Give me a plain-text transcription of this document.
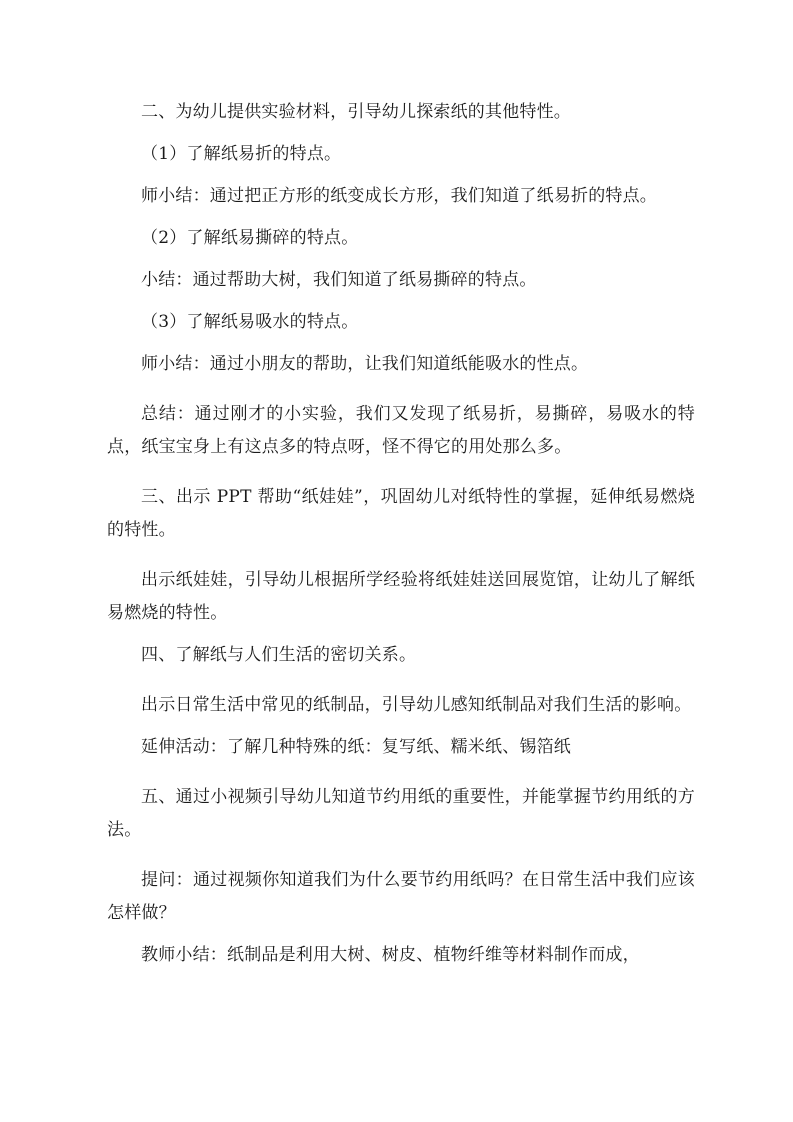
二、为幼儿提供实验材料，引导幼儿探索纸的其他特性。

（1）了解纸易折的特点。

师小结：通过把正方形的纸变成长方形，我们知道了纸易折的特点。

（2）了解纸易撕碎的特点。

小结：通过帮助大树，我们知道了纸易撕碎的特点。

（3）了解纸易吸水的特点。

师小结：通过小朋友的帮助，让我们知道纸能吸水的性点。

总结：通过刚才的小实验，我们又发现了纸易折，易撕碎，易吸水的特点，纸宝宝身上有这点多的特点呀，怪不得它的用处那么多。

三、出示 PPT 帮助“纸娃娃”，巩固幼儿对纸特性的掌握，延伸纸易燃烧的特性。

出示纸娃娃，引导幼儿根据所学经验将纸娃娃送回展览馆，让幼儿了解纸易燃烧的特性。

四、了解纸与人们生活的密切关系。

出示日常生活中常见的纸制品，引导幼儿感知纸制品对我们生活的影响。

延伸活动：了解几种特殊的纸：复写纸、糯米纸、锡箔纸

五、通过小视频引导幼儿知道节约用纸的重要性，并能掌握节约用纸的方法。

提问：通过视频你知道我们为什么要节约用纸吗？在日常生活中我们应该怎样做？

教师小结：纸制品是利用大树、树皮、植物纤维等材料制作而成，
